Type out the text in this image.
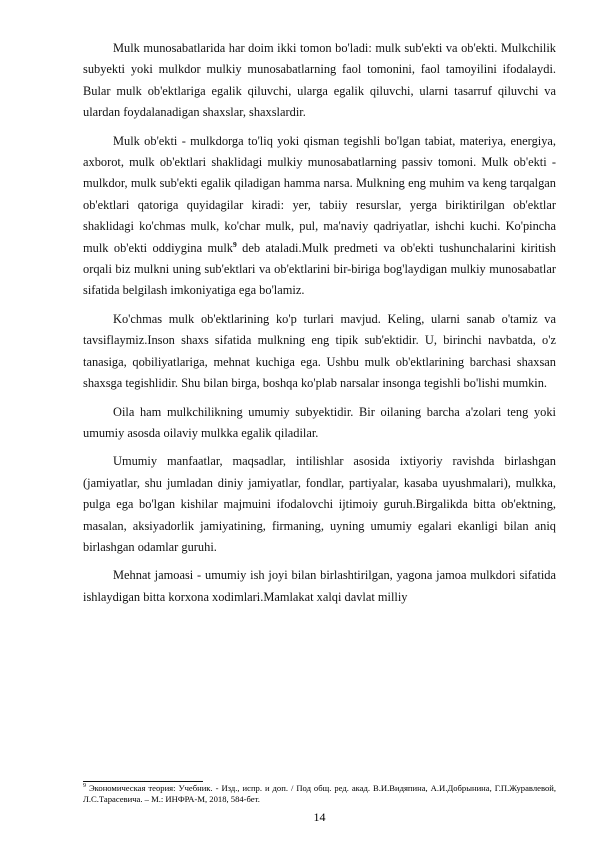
Mulk munosabatlarida har doim ikki tomon bo'ladi: mulk sub'ekti va ob'ekti. Mulkchilik subyekti yoki mulkdor mulkiy munosabatlarning faol tomonini, faol tamoyilini ifodalaydi. Bular mulk ob'ektlariga egalik qiluvchi, ularga egalik qiluvchi, ularni tasarruf qiluvchi va ulardan foydalanadigan shaxslar, shaxslardir.

Mulk ob'ekti - mulkdorga to'liq yoki qisman tegishli bo'lgan tabiat, materiya, energiya, axborot, mulk ob'ektlari shaklidagi mulkiy munosabatlarning passiv tomoni. Mulk ob'ekti - mulkdor, mulk sub'ekti egalik qiladigan hamma narsa. Mulkning eng muhim va keng tarqalgan ob'ektlari qatoriga quyidagilar kiradi: yer, tabiiy resurslar, yerga biriktirilgan ob'ektlar shaklidagi ko'chmas mulk, ko'char mulk, pul, ma'naviy qadriyatlar, ishchi kuchi. Ko'pincha mulk ob'ekti oddiygina mulk$^9$ deb ataladi.Mulk predmeti va ob'ekti tushunchalarini kiritish orqali biz mulkni uning sub'ektlari va ob'ektlarini bir-biriga bog'laydigan mulkiy munosabatlar sifatida belgilash imkoniyatiga ega bo'lamiz.

Ko'chmas mulk ob'ektlarining ko'p turlari mavjud. Keling, ularni sanab o'tamiz va tavsiflaymiz.Inson shaxs sifatida mulkning eng tipik sub'ektidir. U, birinchi navbatda, o'z tanasiga, qobiliyatlariga, mehnat kuchiga ega. Ushbu mulk ob'ektlarining barchasi shaxsan shaxsga tegishlidir. Shu bilan birga, boshqa ko'plab narsalar insonga tegishli bo'lishi mumkin.

Oila ham mulkchilikning umumiy subyektidir. Bir oilaning barcha a'zolari teng yoki umumiy asosda oilaviy mulkka egalik qiladilar.

Umumiy manfaatlar, maqsadlar, intilishlar asosida ixtiyoriy ravishda birlashgan (jamiyatlar, shu jumladan diniy jamiyatlar, fondlar, partiyalar, kasaba uyushmalari), mulkka, pulga ega bo'lgan kishilar majmuini ifodalovchi ijtimoiy guruh.Birgalikda bitta ob'ektning, masalan, aksiyadorlik jamiyatining, firmaning, uyning umumiy egalari ekanligi bilan aniq birlashgan odamlar guruhi.

Mehnat jamoasi - umumiy ish joyi bilan birlashtirilgan, yagona jamoa mulkdori sifatida ishlaydigan bitta korxona xodimlari.Mamlakat xalqi davlat milliy

$^9$ Экономическая теория: Учебник. - Изд., испр. и доп. / Под общ. ред. акад. В.И.Видяпина, А.И.Добрынина, Г.П.Журавлевой, Л.С.Тарасевича. – М.: ИНФРА-М, 2018, 584-бет.

14
